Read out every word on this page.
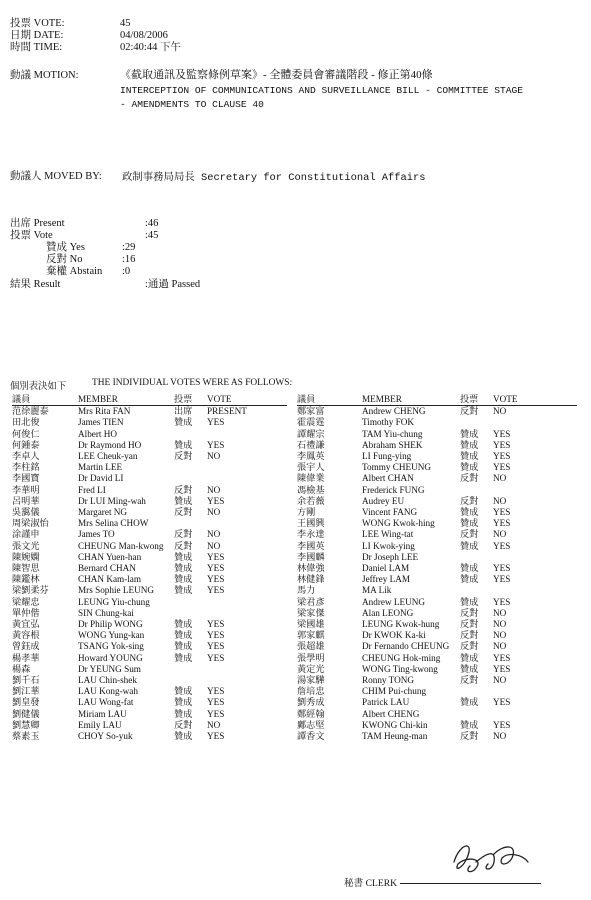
投票 VOTE:	45
日期 DATE:	04/08/2006
時間 TIME:	02:40:44 下午
動議 MOTION:	《截取通訊及監察條例草案》- 全體委員會審議階段 - 修正第40條
INTERCEPTION OF COMMUNICATIONS AND SURVEILLANCE BILL - COMMITTEE STAGE
- AMENDMENTS TO CLAUSE 40
動議人 MOVED BY: 政制事務局局長 Secretary for Constitutional Affairs
出席 Present	:46
投票 Vote	:45
贊成 Yes	:29
反對 No	:16
棄權 Abstain :0
結果 Result	:通過 Passed
個別表決如下	THE INDIVIDUAL VOTES WERE AS FOLLOWS:
議員	MEMBER	投票	VOTE
范徐麗泰	Mrs Rita FAN	出席	PRESENT
田北俊	James TIEN	贊成	YES
何俊仁	Albert HO		
何鍾泰	Dr Raymond HO	贊成	YES
李卓人	LEE Cheuk-yan	反對	NO
李柱銘	Martin LEE		
李國寶	Dr David LI		
李華明	Fred LI	反對	NO
呂明華	Dr LUI Ming-wah	贊成	YES
吳靄儀	Margaret NG	反對	NO
周梁淑怡	Mrs Selina CHOW		
涂謹申	James TO	反對	NO
張文光	CHEUNG Man-kwong	反對	NO
陳婉嫻	CHAN Yuen-han	贊成	YES
陳智思	Bernard CHAN	贊成	YES
陳鑑林	CHAN Kam-lam	贊成	YES
梁劉柔芬	Mrs Sophie LEUNG	贊成	YES
梁耀忠	LEUNG Yiu-chung		
單仲偕	SIN Chung-kai		
黃宜弘	Dr Philip WONG	贊成	YES
黃容根	WONG Yung-kan	贊成	YES
曾鈺成	TSANG Yok-sing	贊成	YES
楊孝華	Howard YOUNG	贊成	YES
楊森	Dr YEUNG Sum		
劉千石	LAU Chin-shek		
劉江華	LAU Kong-wah	贊成	YES
劉皇發	LAU Wong-fat	贊成	YES
劉健儀	Miriam LAU	贊成	YES
劉慧卿	Emily LAU	反對	NO
蔡素玉	CHOY So-yuk	贊成	YES
議員	MEMBER	投票	VOTE
鄭家富	Andrew CHENG	反對	NO
霍震霆	Timothy FOK		
譚耀宗	TAM Yiu-chung	贊成	YES
石禮謙	Abraham SHEK	贊成	YES
李鳳英	LI Fung-ying	贊成	YES
張宇人	Tommy CHEUNG	贊成	YES
陳偉業	Albert CHAN	反對	NO
馮檢基	Frederick FUNG		
余若薇	Audrey EU	反對	NO
方剛	Vincent FANG	贊成	YES
王國興	WONG Kwok-hing	贊成	YES
李永達	LEE Wing-tat	反對	NO
李國英	LI Kwok-ying	贊成	YES
李國麟	Dr Joseph LEE		
林偉強	Daniel LAM	贊成	YES
林健鋒	Jeffrey LAM	贊成	YES
馬力	MA Lik		
梁君彥	Andrew LEUNG	贊成	YES
梁家傑	Alan LEONG	反對	NO
梁國雄	LEUNG Kwok-hung	反對	NO
郭家麒	Dr KWOK Ka-ki	反對	NO
張超雄	Dr Fernando CHEUNG	反對	NO
張學明	CHEUNG Hok-ming	贊成	YES
黃定光	WONG Ting-kwong	贊成	YES
湯家驊	Ronny TONG	反對	NO
詹培忠	CHIM Pui-chung		
劉秀成	Patrick LAU	贊成	YES
鄭經翰	Albert CHENG		
鄺志堅	KWONG Chi-kin	贊成	YES
譚香文	TAM Heung-man	反對	NO
秘書 CLERK
